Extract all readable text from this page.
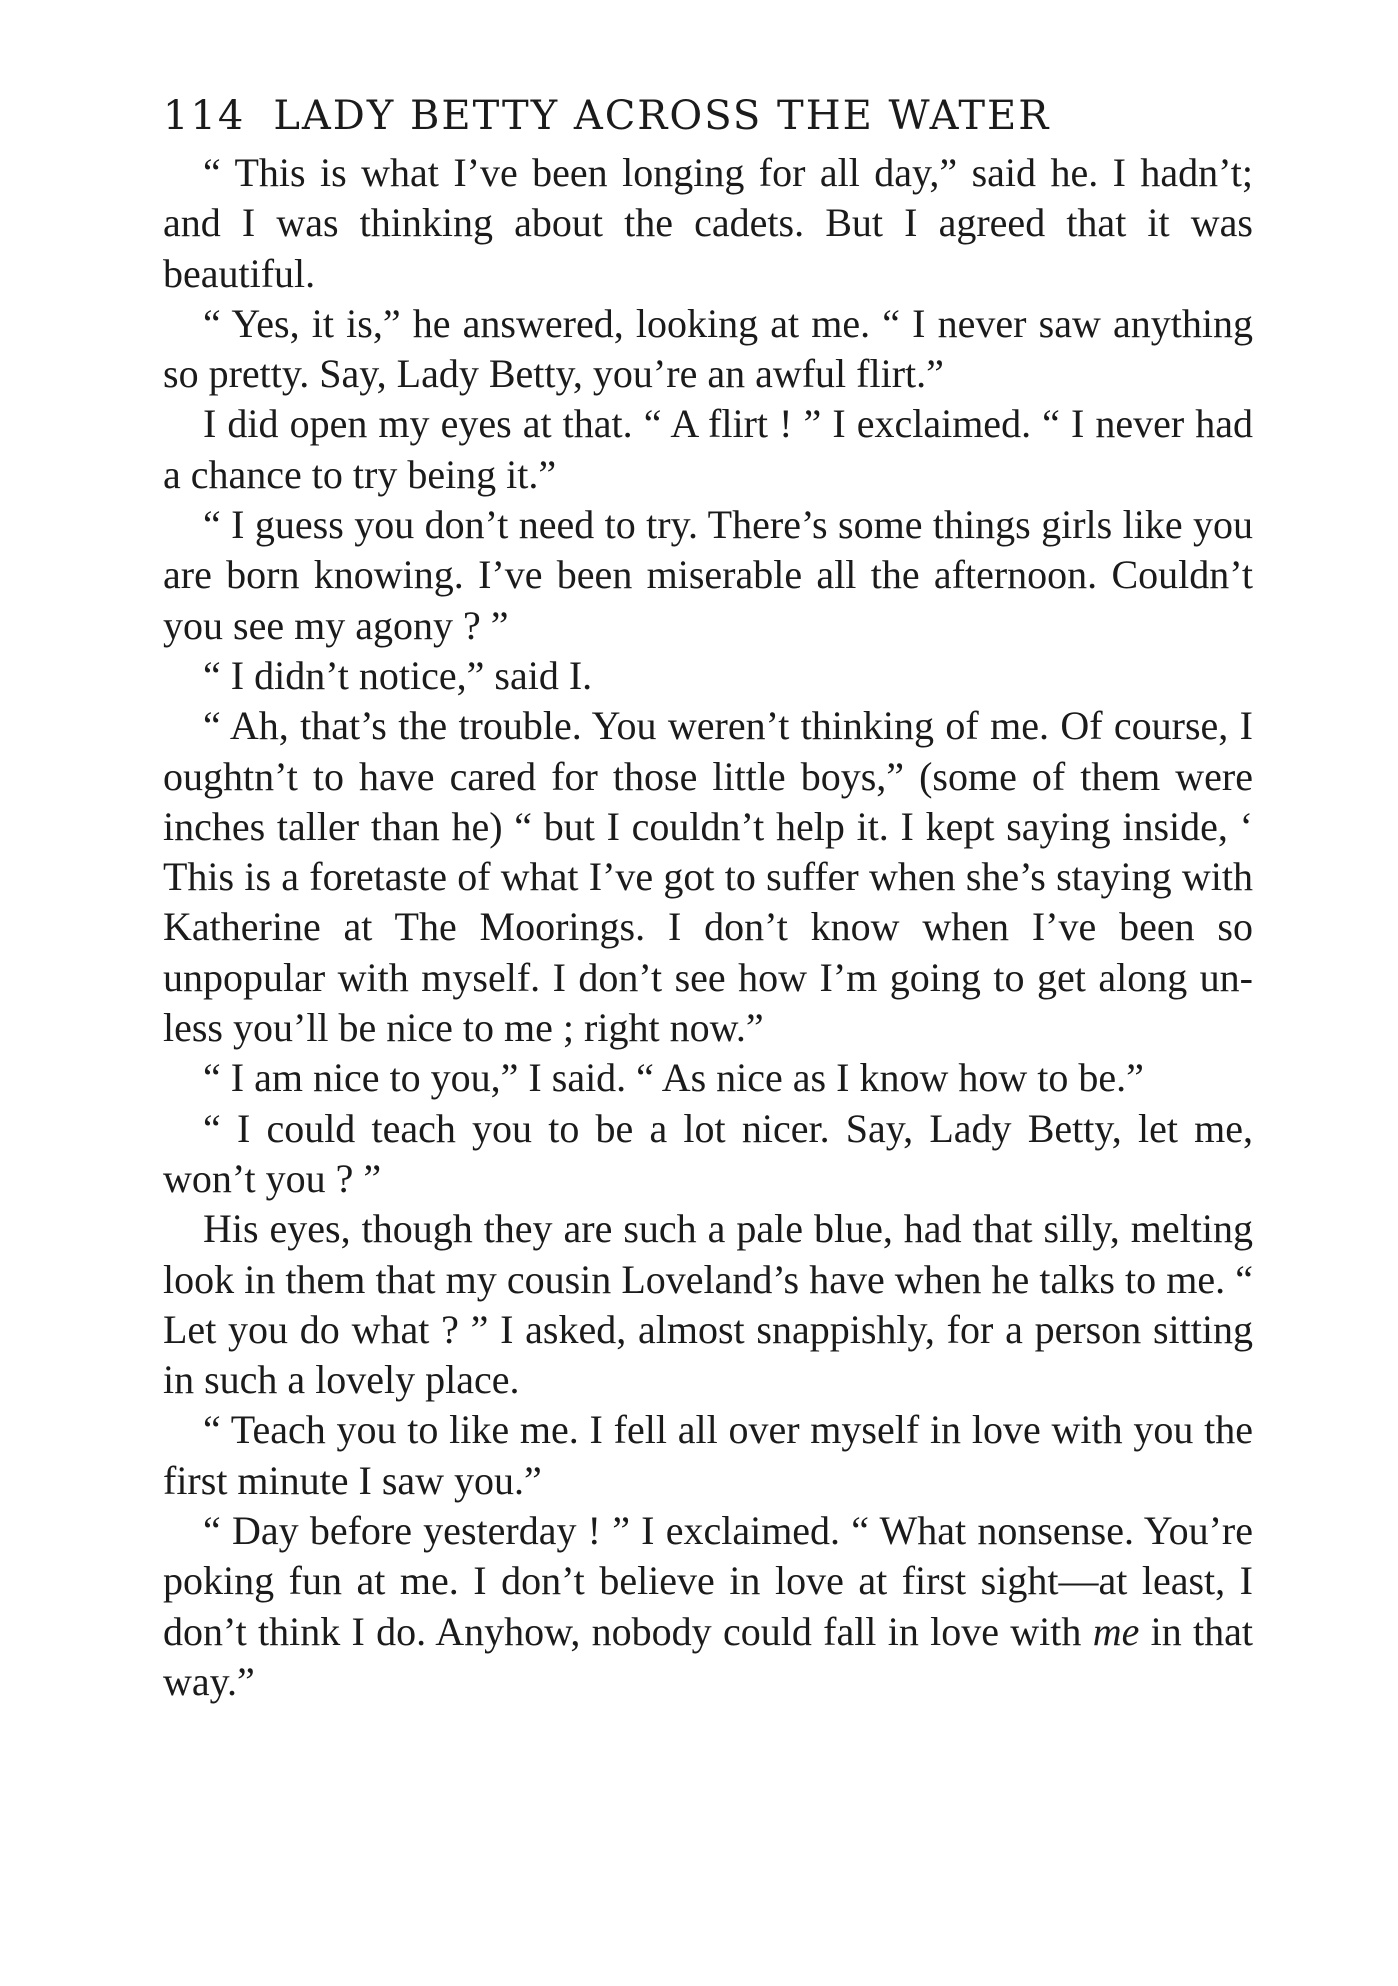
114 LADY BETTY ACROSS THE WATER

“ This is what I’ve been longing for all day,” said he. I hadn’t; and I was thinking about the cadets. But I agreed that it was beautiful.

“ Yes, it is,” he answered, looking at me. “ I never saw anything so pretty. Say, Lady Betty, you’re an awful flirt.”

I did open my eyes at that. “ A flirt ! ” I exclaimed. “ I never had a chance to try being it.”

“ I guess you don’t need to try. There’s some things girls like you are born knowing. I’ve been miserable all the afternoon. Couldn’t you see my agony ? ”

“ I didn’t notice,” said I.

“ Ah, that’s the trouble. You weren’t thinking of me. Of course, I oughtn’t to have cared for those little boys,” (some of them were inches taller than he) “ but I couldn’t help it. I kept saying inside, ‘ This is a foretaste of what I’ve got to suffer when she’s staying with Katherine at The Moorings. I don’t know when I’ve been so unpopular with myself. I don’t see how I’m going to get along unless you’ll be nice to me ; right now.”

“ I am nice to you,” I said. “ As nice as I know how to be.”

“ I could teach you to be a lot nicer. Say, Lady Betty, let me, won’t you ? ”

His eyes, though they are such a pale blue, had that silly, melting look in them that my cousin Loveland’s have when he talks to me. “ Let you do what ? ” I asked, almost snappishly, for a person sitting in such a lovely place.

“ Teach you to like me. I fell all over myself in love with you the first minute I saw you.”

“ Day before yesterday ! ” I exclaimed. “ What nonsense. You’re poking fun at me. I don’t believe in love at first sight—at least, I don’t think I do. Anyhow, nobody could fall in love with me in that way.”
